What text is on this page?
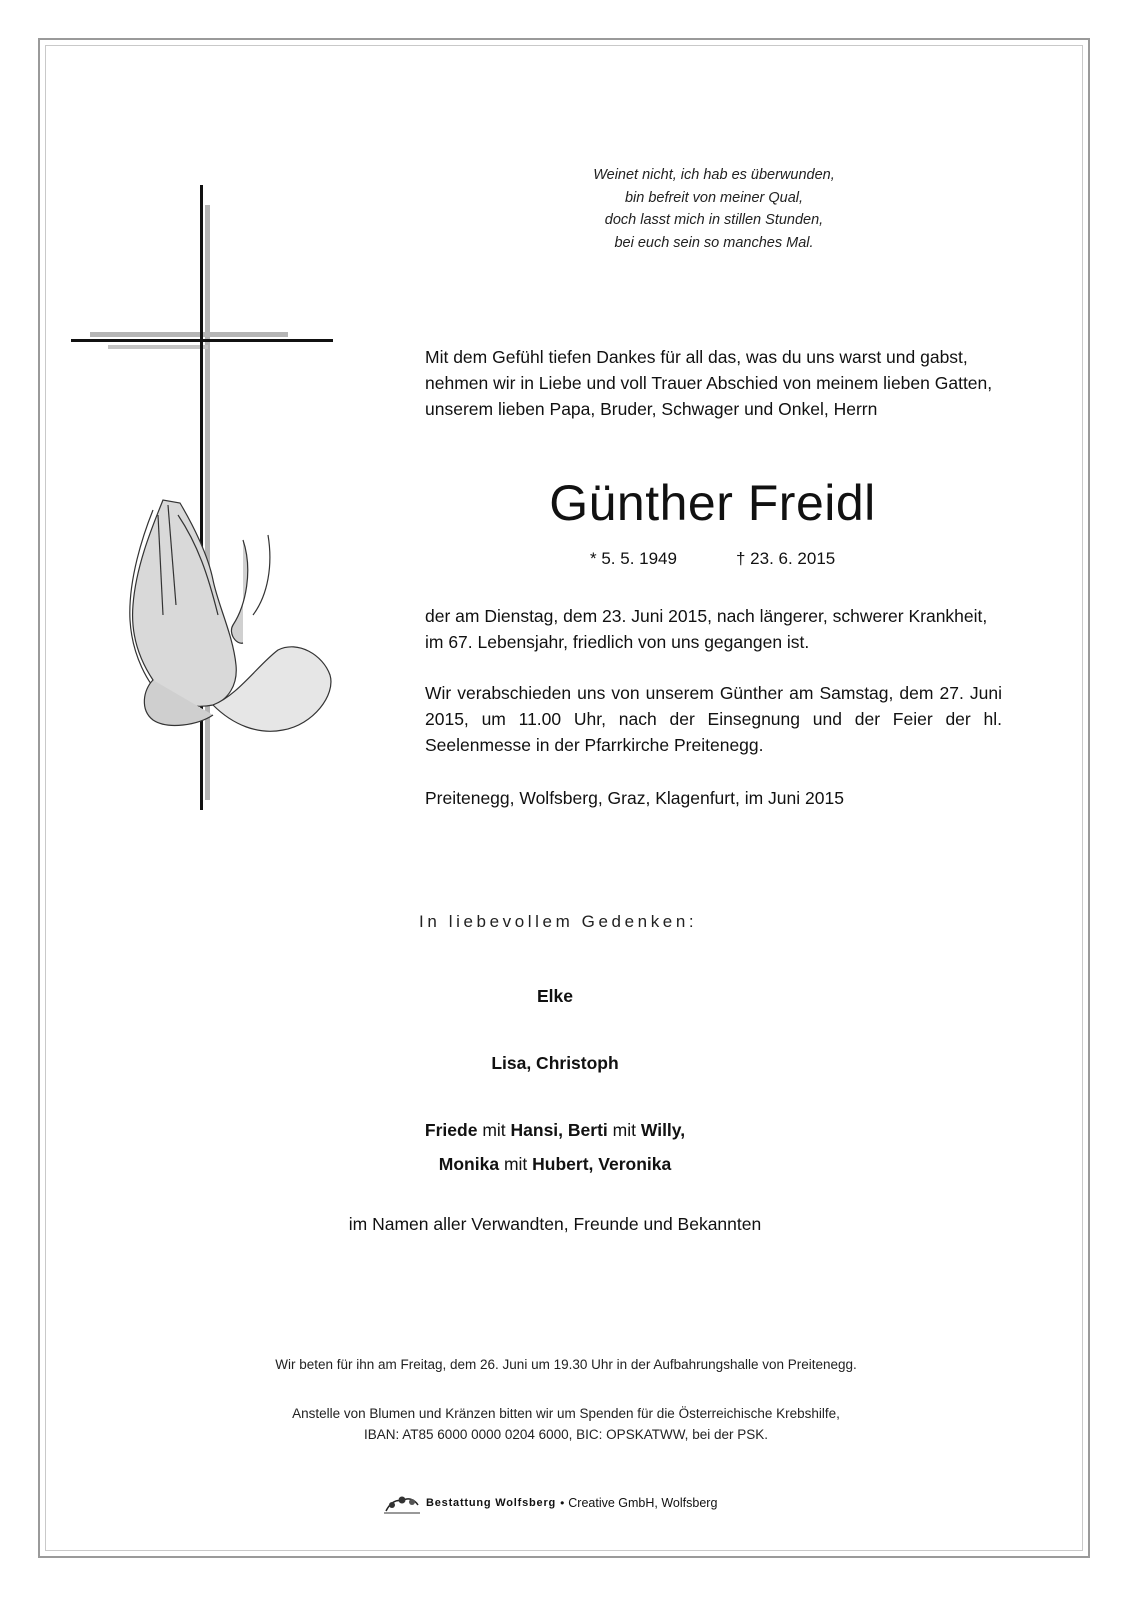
Weinet nicht, ich hab es überwunden,
bin befreit von meiner Qual,
doch lasst mich in stillen Stunden,
bei euch sein so manches Mal.
Mit dem Gefühl tiefen Dankes für all das, was du uns warst und gabst,
nehmen wir in Liebe und voll Trauer Abschied von meinem lieben Gatten,
unserem lieben Papa, Bruder, Schwager und Onkel, Herrn
Günther Freidl
* 5. 5. 1949	† 23. 6. 2015
der am Dienstag, dem 23. Juni 2015, nach längerer, schwerer Krankheit, im 67. Lebensjahr, friedlich von uns gegangen ist.
Wir verabschieden uns von unserem Günther am Samstag, dem 27. Juni 2015, um 11.00 Uhr, nach der Einsegnung und der Feier der hl. Seelenmesse in der Pfarrkirche Preitenegg.
Preitenegg, Wolfsberg, Graz, Klagenfurt, im Juni 2015
In liebevollem Gedenken:
Elke
Lisa, Christoph
Friede mit Hansi, Berti mit Willy,
Monika mit Hubert, Veronika
im Namen aller Verwandten, Freunde und Bekannten
Wir beten für ihn am Freitag, dem 26. Juni um 19.30 Uhr in der Aufbahrungshalle von Preitenegg.
Anstelle von Blumen und Kränzen bitten wir um Spenden für die Österreichische Krebshilfe,
IBAN: AT85 6000 0000 0204 6000, BIC: OPSKATWW, bei der PSK.
Bestattung Wolfsberg • Creative GmbH, Wolfsberg
